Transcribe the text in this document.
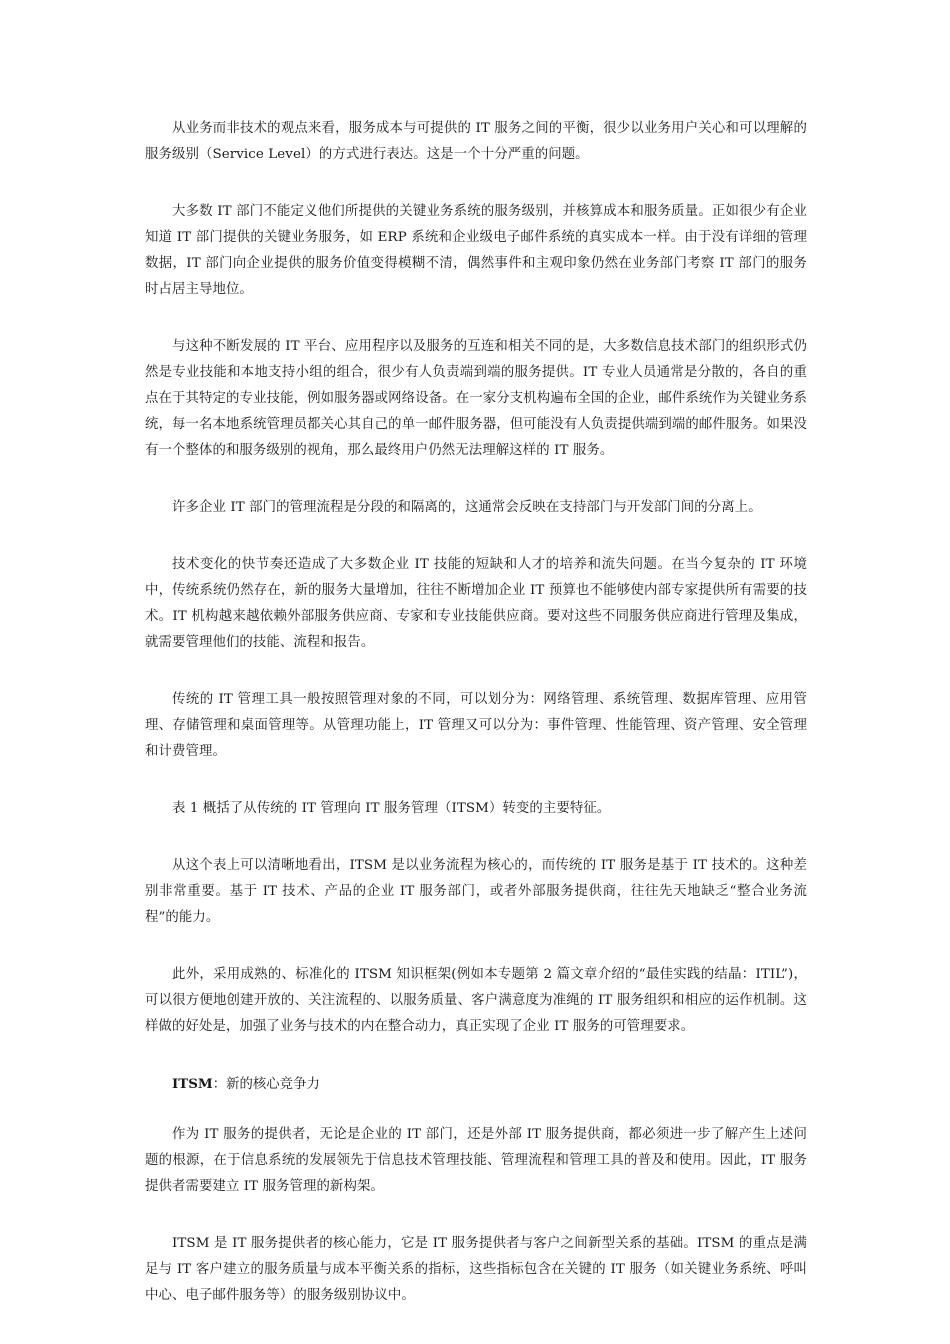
从业务而非技术的观点来看，服务成本与可提供的 IT 服务之间的平衡，很少以业务用户关心和可以理解的服务级别（Service Level）的方式进行表达。这是一个十分严重的问题。

大多数 IT 部门不能定义他们所提供的关键业务系统的服务级别，并核算成本和服务质量。正如很少有企业知道 IT 部门提供的关键业务服务，如 ERP 系统和企业级电子邮件系统的真实成本一样。由于没有详细的管理数据，IT 部门向企业提供的服务价值变得模糊不清，偶然事件和主观印象仍然在业务部门考察 IT 部门的服务时占居主导地位。

与这种不断发展的 IT 平台、应用程序以及服务的互连和相关不同的是，大多数信息技术部门的组织形式仍然是专业技能和本地支持小组的组合，很少有人负责端到端的服务提供。IT 专业人员通常是分散的，各自的重点在于其特定的专业技能，例如服务器或网络设备。在一家分支机构遍布全国的企业，邮件系统作为关键业务系统，每一名本地系统管理员都关心其自己的单一邮件服务器，但可能没有人负责提供端到端的邮件服务。如果没有一个整体的和服务级别的视角，那么最终用户仍然无法理解这样的 IT 服务。

许多企业 IT 部门的管理流程是分段的和隔离的，这通常会反映在支持部门与开发部门间的分离上。

技术变化的快节奏还造成了大多数企业 IT 技能的短缺和人才的培养和流失问题。在当今复杂的 IT 环境中，传统系统仍然存在，新的服务大量增加，往往不断增加企业 IT 预算也不能够使内部专家提供所有需要的技术。IT 机构越来越依赖外部服务供应商、专家和专业技能供应商。要对这些不同服务供应商进行管理及集成，就需要管理他们的技能、流程和报告。

传统的 IT 管理工具一般按照管理对象的不同，可以划分为：网络管理、系统管理、数据库管理、应用管理、存储管理和桌面管理等。从管理功能上，IT 管理又可以分为：事件管理、性能管理、资产管理、安全管理和计费管理。

表 1 概括了从传统的 IT 管理向 IT 服务管理（ITSM）转变的主要特征。

从这个表上可以清晰地看出，ITSM 是以业务流程为核心的，而传统的 IT 服务是基于 IT 技术的。这种差别非常重要。基于 IT 技术、产品的企业 IT 服务部门，或者外部服务提供商，往往先天地缺乏“整合业务流程”的能力。

此外，采用成熟的、标准化的 ITSM 知识框架(例如本专题第 2 篇文章介绍的“最佳实践的结晶：ITIL”)，可以很方便地创建开放的、关注流程的、以服务质量、客户满意度为准绳的 IT 服务组织和相应的运作机制。这样做的好处是，加强了业务与技术的内在整合动力，真正实现了企业 IT 服务的可管理要求。

ITSM：新的核心竞争力

作为 IT 服务的提供者，无论是企业的 IT 部门，还是外部 IT 服务提供商，都必须进一步了解产生上述问题的根源，在于信息系统的发展领先于信息技术管理技能、管理流程和管理工具的普及和使用。因此，IT 服务提供者需要建立 IT 服务管理的新构架。

ITSM 是 IT 服务提供者的核心能力，它是 IT 服务提供者与客户之间新型关系的基础。ITSM 的重点是满足与 IT 客户建立的服务质量与成本平衡关系的指标，这些指标包含在关键的 IT 服务（如关键业务系统、呼叫中心、电子邮件服务等）的服务级别协议中。
